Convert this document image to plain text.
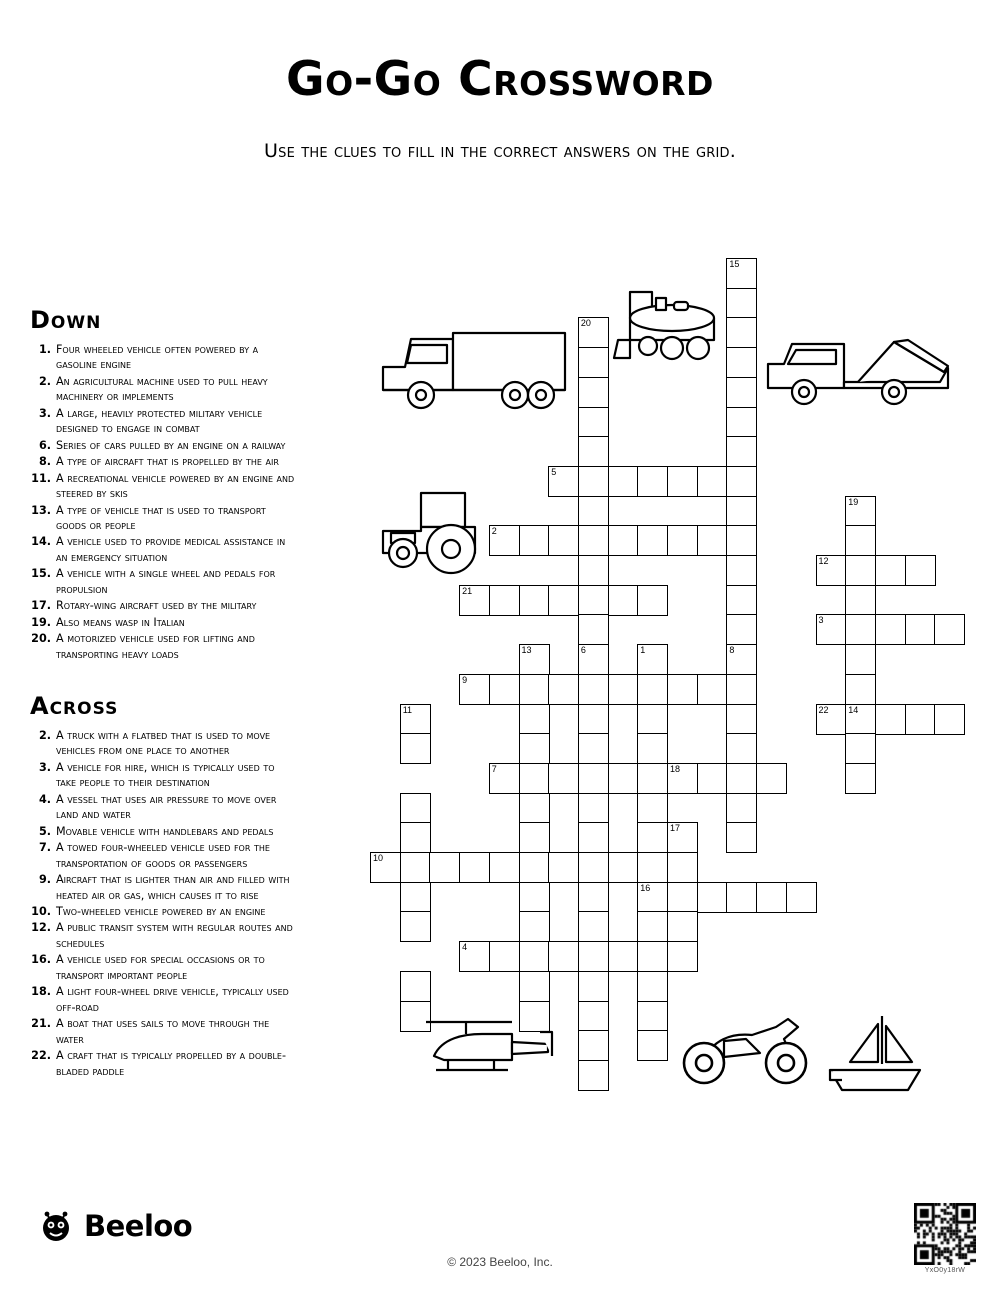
Go-Go Crossword
Use the clues to fill in the correct answers on the grid.
Down
1. Four wheeled vehicle often powered by a gasoline engine
2. An agricultural machine used to pull heavy machinery or implements
3. A large, heavily protected military vehicle designed to engage in combat
6. Series of cars pulled by an engine on a railway
8. A type of aircraft that is propelled by the air
11. A recreational vehicle powered by an engine and steered by skis
13. A type of vehicle that is used to transport goods or people
14. A vehicle used to provide medical assistance in an emergency situation
15. A vehicle with a single wheel and pedals for propulsion
17. Rotary-wing aircraft used by the military
19. Also means wasp in Italian
20. A motorized vehicle used for lifting and transporting heavy loads
Across
2. A truck with a flatbed that is used to move vehicles from one place to another
3. A vehicle for hire, which is typically used to take people to their destination
4. A vessel that uses air pressure to move over land and water
5. Movable vehicle with handlebars and pedals
7. A towed four-wheeled vehicle used for the transportation of goods or passengers
9. Aircraft that is lighter than air and filled with heated air or gas, which causes it to rise
10. Two-wheeled vehicle powered by an engine
12. A public transit system with regular routes and schedules
16. A vehicle used for special occasions or to transport important people
18. A light four-wheel drive vehicle, typically used off-road
21. A boat that uses sails to move through the water
22. A craft that is typically propelled by a double-bladed paddle
15
20
5
19
2
12
21
3
13	6	1	8
9
11	22 14
7	18
17
10
16
4
Beeloo
© 2023 Beeloo, Inc.
YxO0y18rW
